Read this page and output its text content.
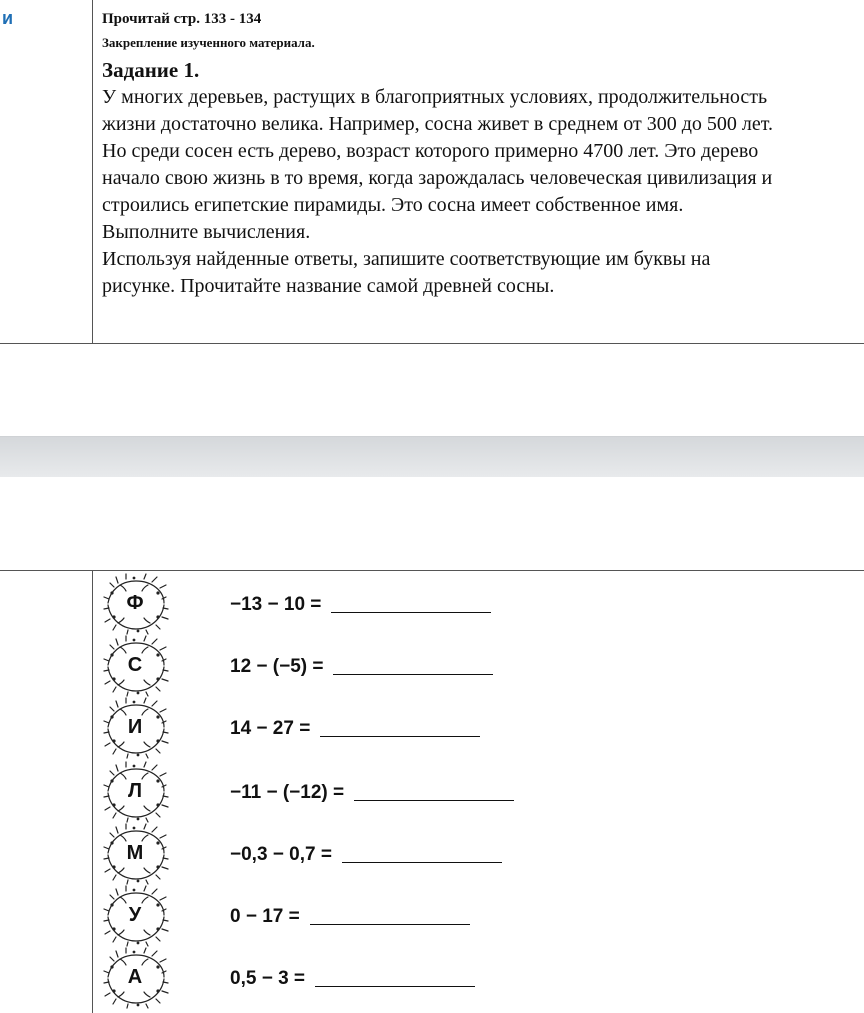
и	Прочитай стр. 133 - 134
Закрепление изученного материала.
Задание 1.
У многих деревьев, растущих в благоприятных условиях, продолжительность
жизни достаточно велика. Например, сосна живет в среднем от 300 до 500 лет.
Но среди сосен есть дерево, возраст которого примерно 4700 лет. Это дерево
начало свою жизнь в то время, когда зарождалась человеческая цивилизация и
строились египетские пирамиды. Это сосна имеет собственное имя.
Выполните вычисления.
Используя найденные ответы, запишите соответствующие им буквы на
рисунке. Прочитайте название самой древней сосны.
Ф	−13 − 10 =
С	12 − (−5) =
И	14 − 27 =
Л	−11 − (−12) =
М	−0,3 − 0,7 =
У	0 − 17 =
А	0,5 − 3 =
